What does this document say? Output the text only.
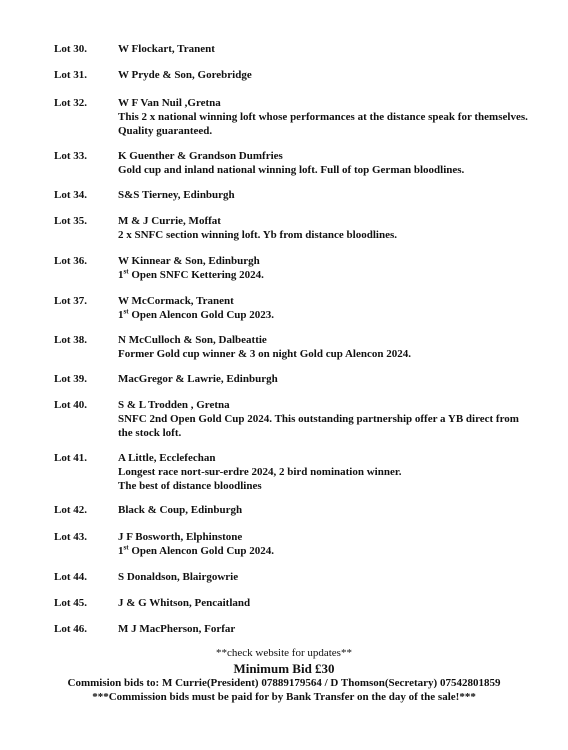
Lot 30.	W Flockart, Tranent
Lot 31.	W Pryde & Son, Gorebridge
Lot 32.	W F Van Nuil ,Gretna
This 2 x national winning loft whose performances at the distance speak for themselves. Quality guaranteed.
Lot 33.	K Guenther & Grandson Dumfries
Gold cup and inland national winning loft. Full of top German bloodlines.
Lot 34.	S&S Tierney, Edinburgh
Lot 35.	M & J Currie, Moffat
2 x SNFC section winning loft. Yb from distance bloodlines.
Lot 36.	W Kinnear & Son, Edinburgh
1st Open SNFC Kettering 2024.
Lot 37.	W McCormack, Tranent
1st Open Alencon Gold Cup 2023.
Lot 38.	N McCulloch & Son, Dalbeattie
Former Gold cup winner & 3 on night Gold cup Alencon 2024.
Lot 39.	MacGregor & Lawrie, Edinburgh
Lot 40.	S & L Trodden , Gretna
SNFC 2nd Open Gold Cup 2024. This outstanding partnership offer a YB direct from the stock loft.
Lot 41.	A Little, Ecclefechan
Longest race nort-sur-erdre 2024, 2 bird nomination winner.
The best of distance bloodlines
Lot 42.	Black & Coup, Edinburgh
Lot 43.	J F Bosworth, Elphinstone
1st Open Alencon Gold Cup 2024.
Lot 44.	S Donaldson, Blairgowrie
Lot 45.	J & G Whitson, Pencaitland
Lot 46.	M J MacPherson, Forfar
**check website for updates**
Minimum Bid £30
Commision bids to: M Currie(President) 07889179564 / D Thomson(Secretary) 07542801859
***Commission bids must be paid for by Bank Transfer on the day of the sale!***
